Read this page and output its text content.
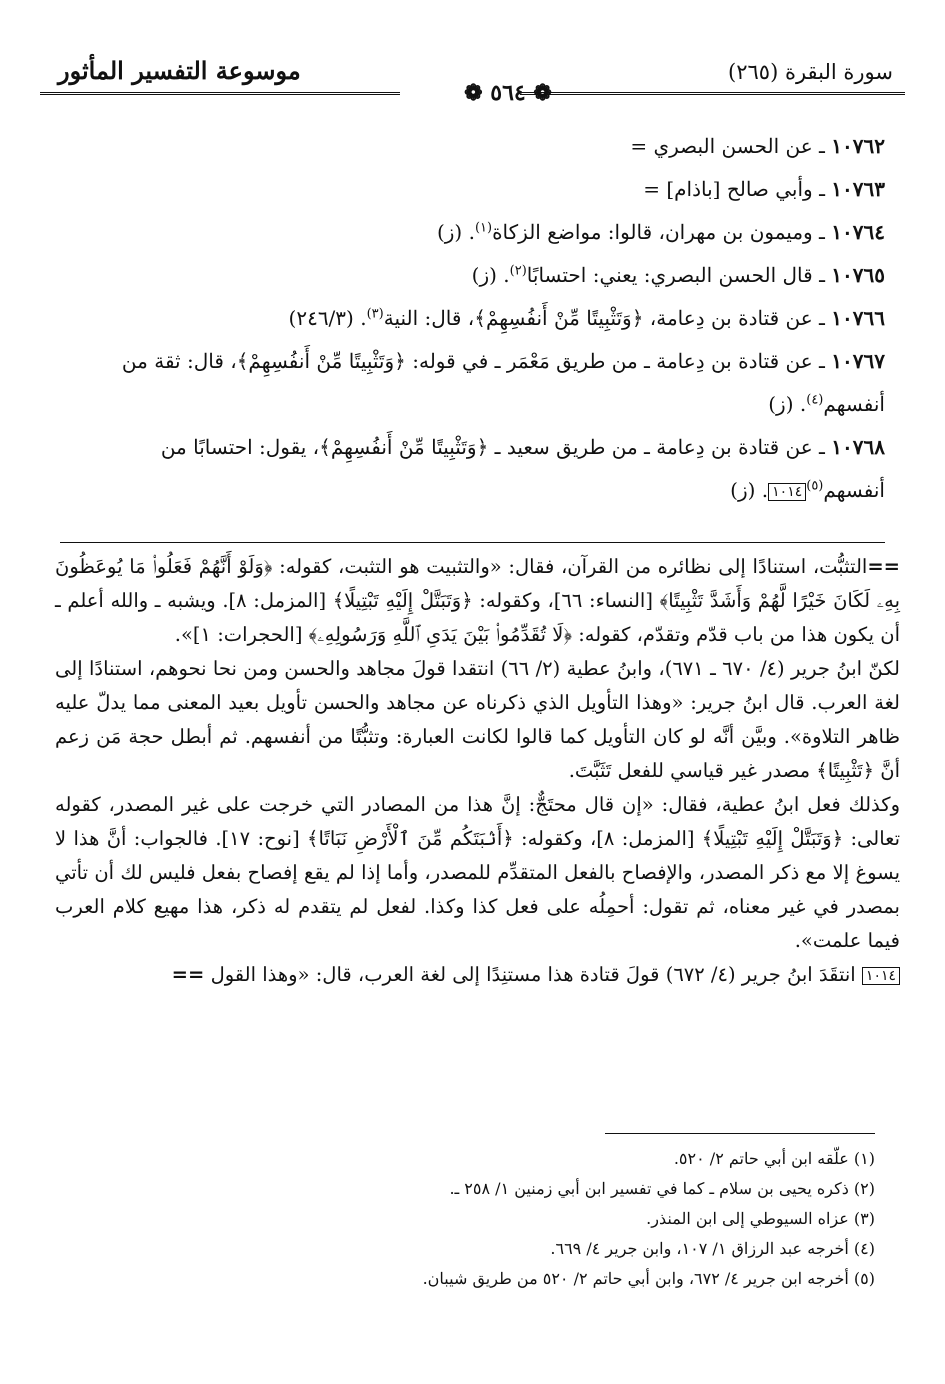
موسوعة التفسير المأثور	سورة البقرة (٢٦٥)
❁ ٥٦٤ ❁

١٠٧٦٢ ـ عن الحسن البصري =

١٠٧٦٣ ـ وأبي صالح [باذام] =

١٠٧٦٤ ـ وميمون بن مهران، قالوا: مواضع الزكاة$^{(١)}$. (ز)

١٠٧٦٥ ـ قال الحسن البصري: يعني: احتسابًا$^{(٢)}$. (ز)

١٠٧٦٦ ـ عن قتادة بن دِعامة، ﴿وَتَثْبِيتًا مِّنْ أَنفُسِهِمْ﴾، قال: النية$^{(٣)}$. (٢٤٦/٣)

١٠٧٦٧ ـ عن قتادة بن دِعامة ـ من طريق مَعْمَر ـ في قوله: ﴿وَتَثْبِيتًا مِّنْ أَنفُسِهِمْ﴾، قال: ثقة من أنفسهم$^{(٤)}$. (ز)

١٠٧٦٨ ـ عن قتادة بن دِعامة ـ من طريق سعيد ـ ﴿وَتَثْبِيتًا مِّنْ أَنفُسِهِمْ﴾، يقول: احتسابًا من أنفسهم$^{(٥)}$١٠١٤. (ز)

==التثبُّت، استنادًا إلى نظائره من القرآن، فقال: «والتثبيت هو التثبت، كقوله: ﴿وَلَوْ أَنَّهُمْ فَعَلُوا۟ مَا يُوعَظُونَ بِهِۦ لَكَانَ خَيْرًا لَّهُمْ وَأَشَدَّ تَثْبِيتًا﴾ [النساء: ٦٦]، وكقوله: ﴿وَتَبَتَّلْ إِلَيْهِ تَبْتِيلًا﴾ [المزمل: ٨]. ويشبه ـ والله أعلم ـ أن يكون هذا من باب قدّم وتقدّم، كقوله: ﴿لَا تُقَدِّمُوا۟ بَيْنَ يَدَىِ ٱللَّهِ وَرَسُولِهِۦ﴾ [الحجرات: ١]».

لكنّ ابنُ جرير (٤/ ٦٧٠ ـ ٦٧١)، وابنُ عطية (٢/ ٦٦) انتقدا قولَ مجاهد والحسن ومن نحا نحوهم، استنادًا إلى لغة العرب. قال ابنُ جرير: «وهذا التأويل الذي ذكرناه عن مجاهد والحسن تأويل بعيد المعنى مما يدلّ عليه ظاهر التلاوة». وبيَّن أنَّه لو كان التأويل كما قالوا لكانت العبارة: وتثبُّتًا من أنفسهم. ثم أبطل حجة مَن زعم أنَّ ﴿تَثْبِيتًا﴾ مصدر غير قياسي للفعل تَثَبَّتَ.

وكذلك فعل ابنُ عطية، فقال: «إن قال محتَجٌّ: إنَّ هذا من المصادر التي خرجت على غير المصدر، كقوله تعالى: ﴿وَتَبَتَّلْ إِلَيْهِ تَبْتِيلًا﴾ [المزمل: ٨]، وكقوله: ﴿أَنۢبَتَكُم مِّنَ ٱلْأَرْضِ نَبَاتًا﴾ [نوح: ١٧]. فالجواب: أنَّ هذا لا يسوغ إلا مع ذكر المصدر، والإفصاح بالفعل المتقدِّم للمصدر، وأما إذا لم يقع إفصاح بفعل فليس لك أن تأتي بمصدر في غير معناه، ثم تقول: أحمِلُه على فعل كذا وكذا. لفعل لم يتقدم له ذكر، هذا مهيع كلام العرب فيما علمت».

١٠١٤ انتقَدَ ابنُ جرير (٤/ ٦٧٢) قولَ قتادة هذا مستنِدًا إلى لغة العرب، قال: «وهذا القول ==

(١) علّقه ابن أبي حاتم ٢/ ٥٢٠.

(٢) ذكره يحيى بن سلام ـ كما في تفسير ابن أبي زمنين ١/ ٢٥٨ ـ.

(٣) عزاه السيوطي إلى ابن المنذر.

(٤) أخرجه عبد الرزاق ١/ ١٠٧، وابن جرير ٤/ ٦٦٩.

(٥) أخرجه ابن جرير ٤/ ٦٧٢، وابن أبي حاتم ٢/ ٥٢٠ من طريق شيبان.
